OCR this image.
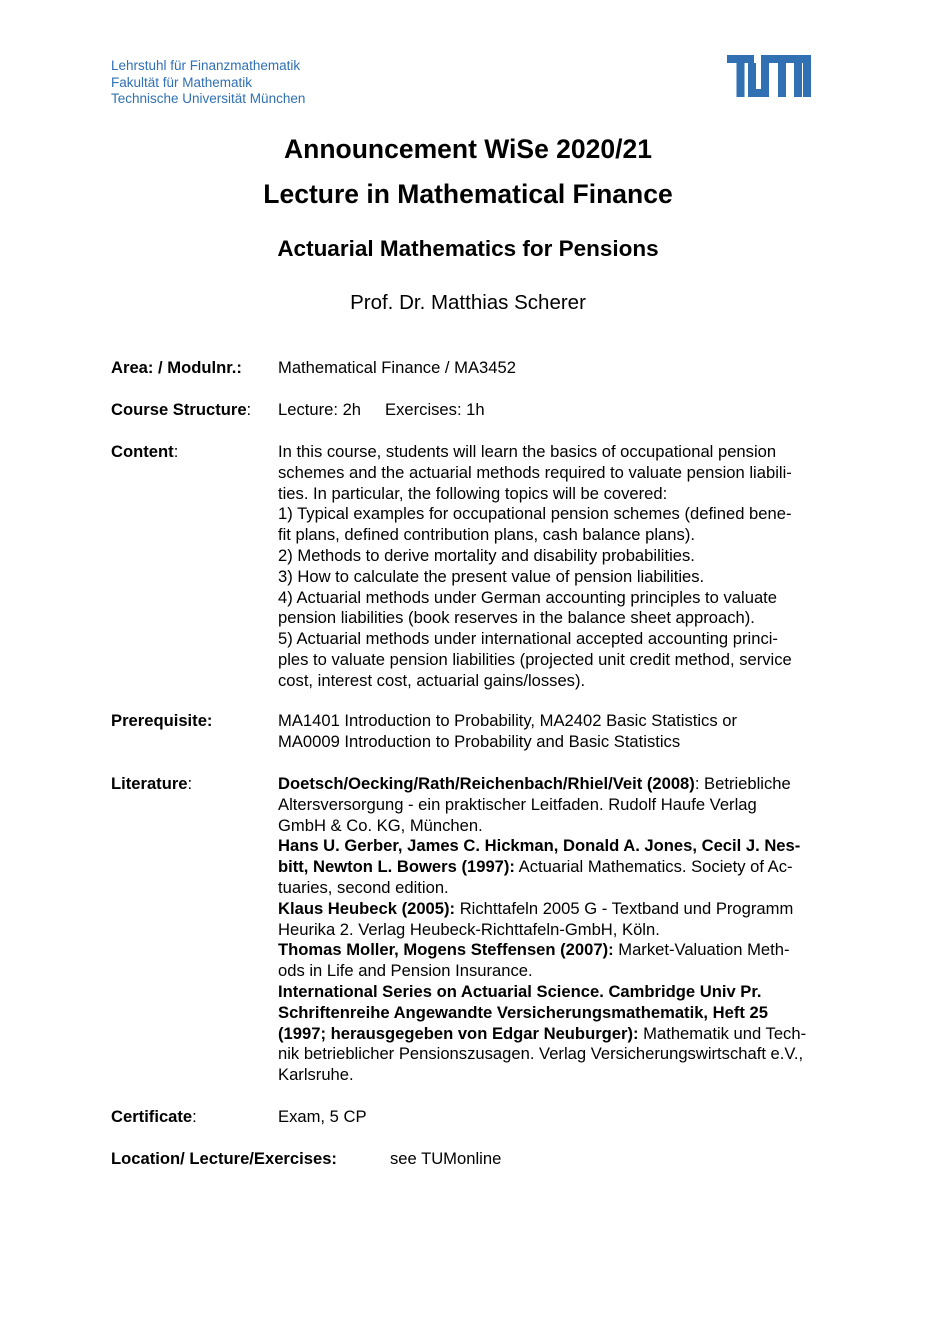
Lehrstuhl für Finanzmathematik
Fakultät für Mathematik
Technische Universität München
Announcement WiSe 2020/21
Lecture in Mathematical Finance
Actuarial Mathematics for Pensions
Prof. Dr. Matthias Scherer
Area: / Modulnr.: Mathematical Finance / MA3452
Course Structure: Lecture: 2h Exercises: 1h
Content:	In this course, students will learn the basics of occupational pension
schemes and the actuarial methods required to valuate pension liabili-
ties. In particular, the following topics will be covered:
1) Typical examples for occupational pension schemes (defined bene-
fit plans, defined contribution plans, cash balance plans).
2) Methods to derive mortality and disability probabilities.
3) How to calculate the present value of pension liabilities.
4) Actuarial methods under German accounting principles to valuate
pension liabilities (book reserves in the balance sheet approach).
5) Actuarial methods under international accepted accounting princi-
ples to valuate pension liabilities (projected unit credit method, service
cost, interest cost, actuarial gains/losses).
Prerequisite:	MA1401 Introduction to Probability, MA2402 Basic Statistics or
MA0009 Introduction to Probability and Basic Statistics
Literature:	Doetsch/Oecking/Rath/Reichenbach/Rhiel/Veit (2008): Betriebliche
Altersversorgung - ein praktischer Leitfaden. Rudolf Haufe Verlag
GmbH & Co. KG, München.
Hans U. Gerber, James C. Hickman, Donald A. Jones, Cecil J. Nes-
bitt, Newton L. Bowers (1997): Actuarial Mathematics. Society of Ac-
tuaries, second edition.
Klaus Heubeck (2005): Richttafeln 2005 G - Textband und Programm
Heurika 2. Verlag Heubeck-Richttafeln-GmbH, Köln.
Thomas Moller, Mogens Steffensen (2007): Market-Valuation Meth-
ods in Life and Pension Insurance.
International Series on Actuarial Science. Cambridge Univ Pr.
Schriftenreihe Angewandte Versicherungsmathematik, Heft 25
(1997; herausgegeben von Edgar Neuburger): Mathematik und Tech-
nik betrieblicher Pensionszusagen. Verlag Versicherungswirtschaft e.V.,
Karlsruhe.
Certificate:	Exam, 5 CP
Location/ Lecture/Exercises:	see TUMonline
